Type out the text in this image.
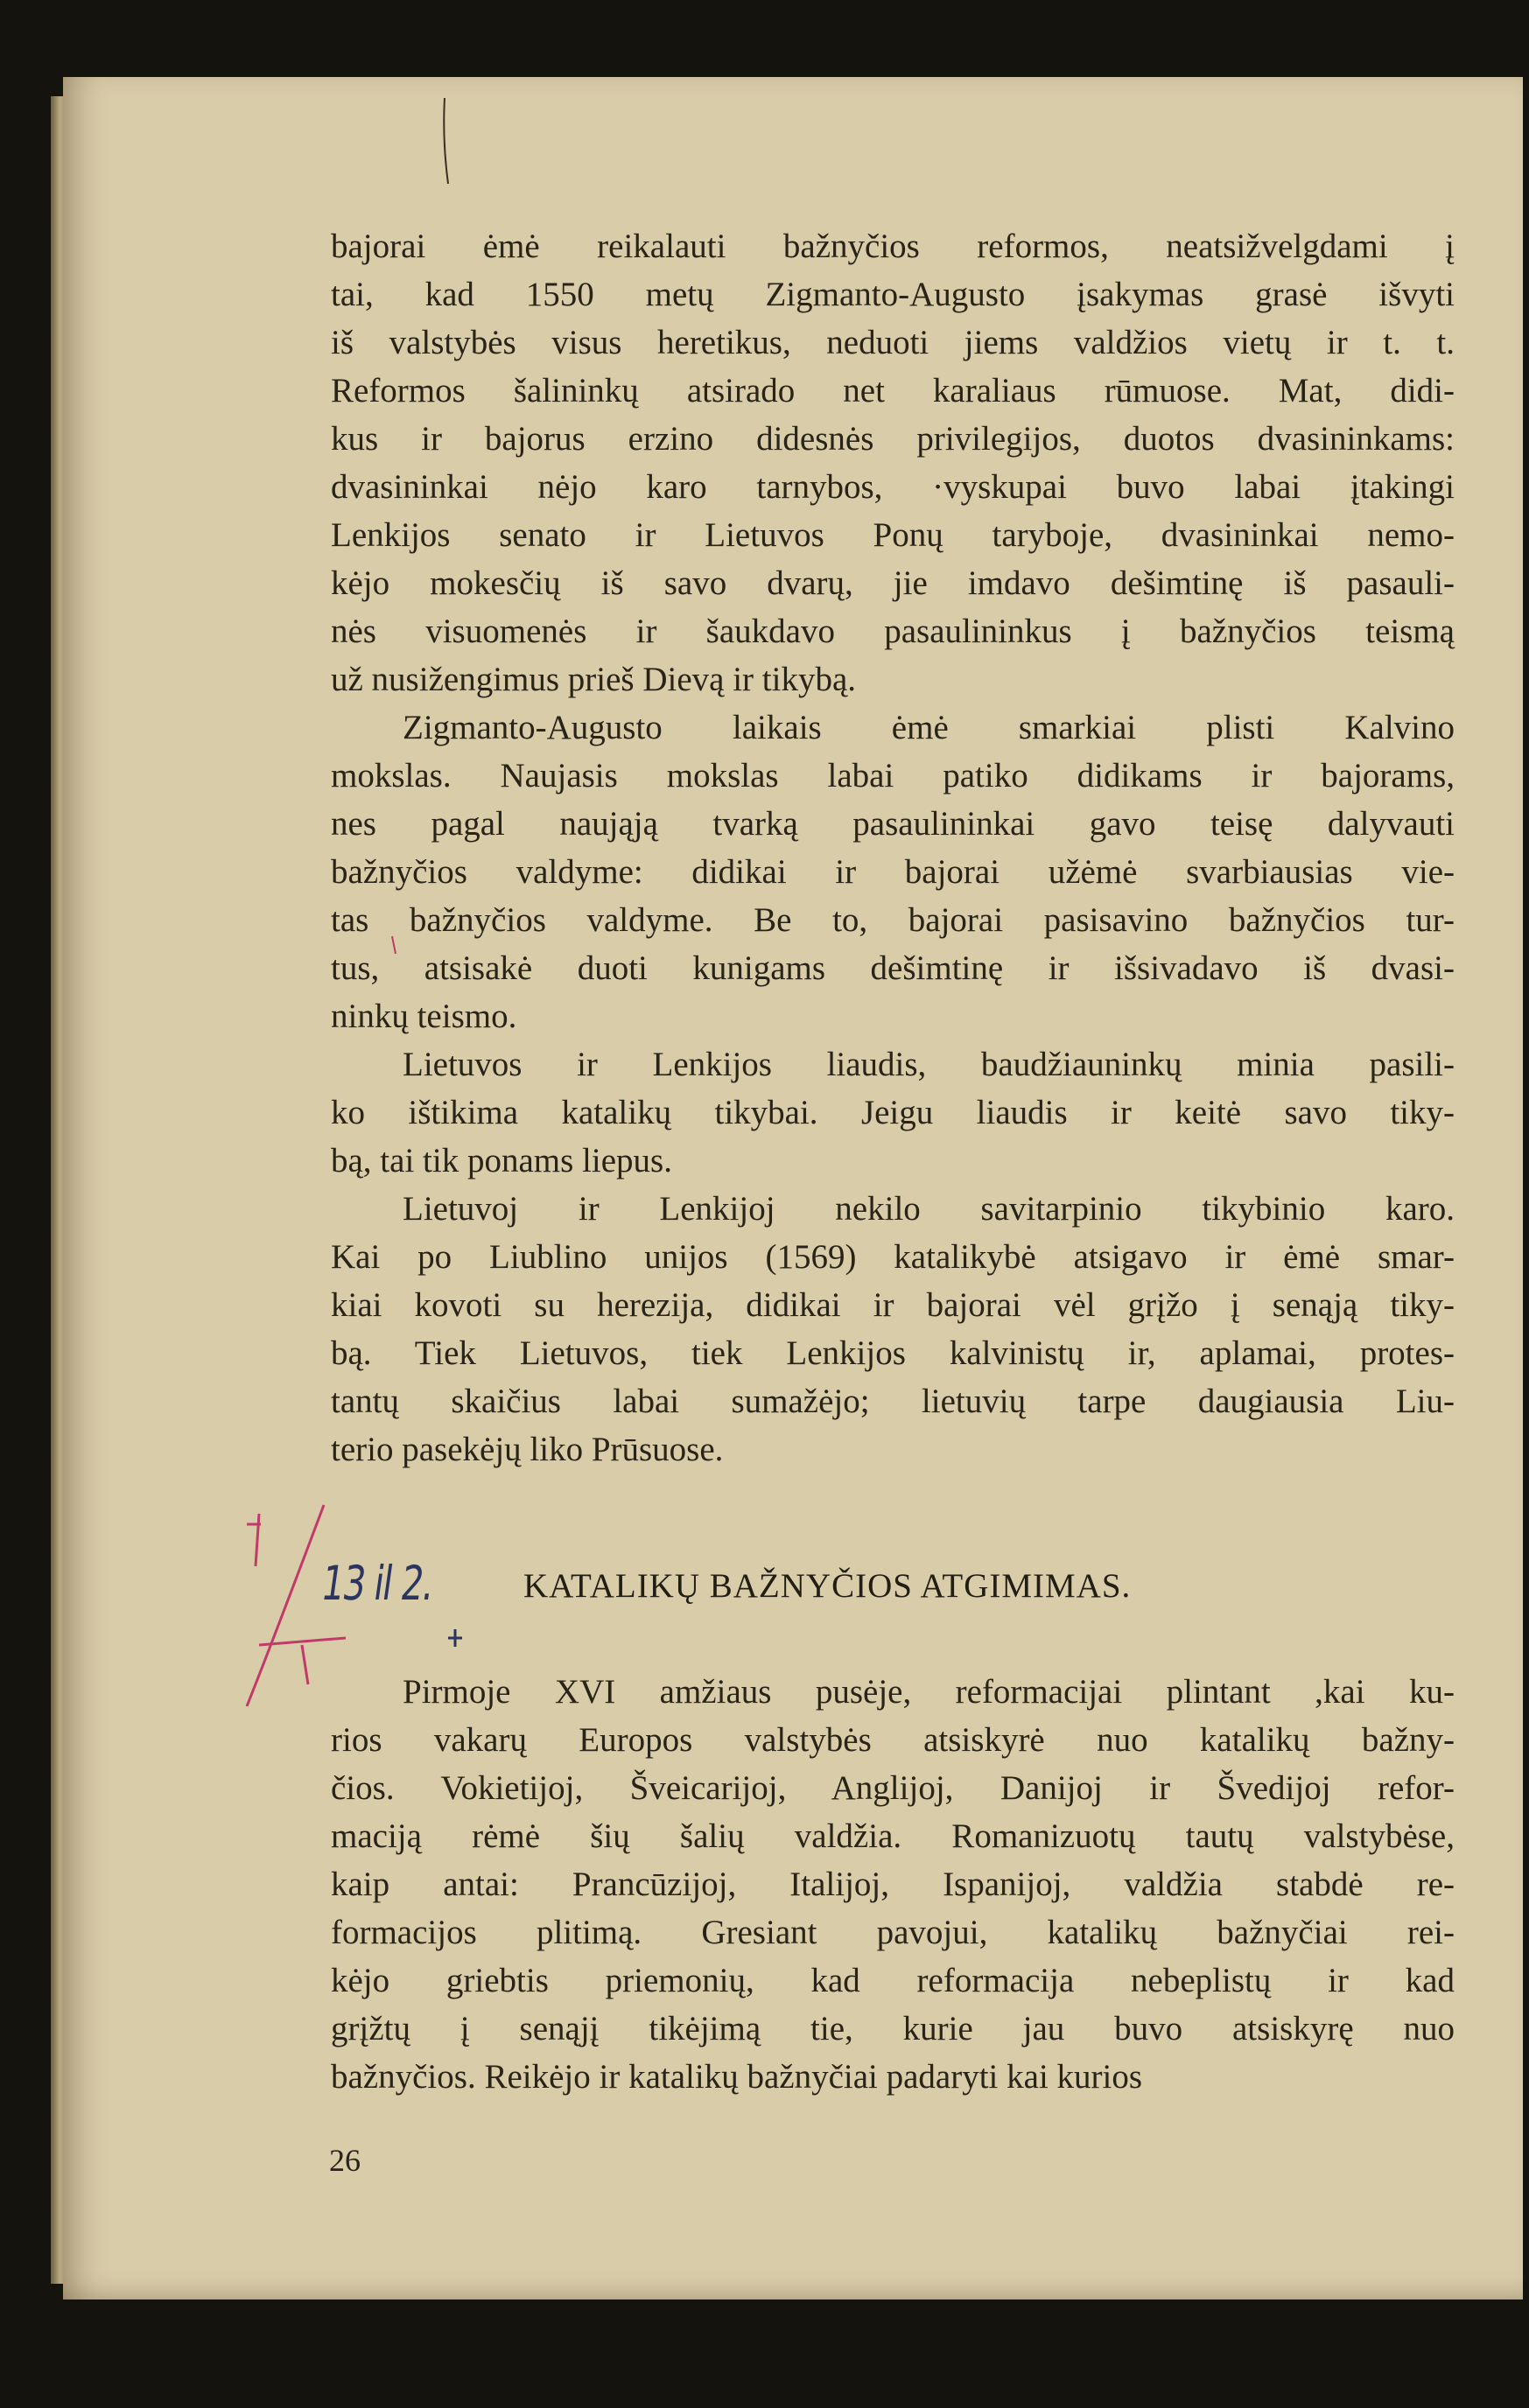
bajorai ėmė reikalauti bažnyčios reformos, neatsižvelgdami į
tai, kad 1550 metų Zigmanto-Augusto įsakymas grasė išvyti
iš valstybės visus heretikus, neduoti jiems valdžios vietų ir t. t.
Reformos šalininkų atsirado net karaliaus rūmuose. Mat, didi-
kus ir bajorus erzino didesnės privilegijos, duotos dvasininkams:
dvasininkai nėjo karo tarnybos, ·vyskupai buvo labai įtakingi
Lenkijos senato ir Lietuvos Ponų taryboje, dvasininkai nemo-
kėjo mokesčių iš savo dvarų, jie imdavo dešimtinę iš pasauli-
nės visuomenės ir šaukdavo pasaulininkus į bažnyčios teismą
už nusižengimus prieš Dievą ir tikybą.
Zigmanto-Augusto laikais ėmė smarkiai plisti Kalvino
mokslas. Naujasis mokslas labai patiko didikams ir bajorams,
nes pagal naująją tvarką pasaulininkai gavo teisę dalyvauti
bažnyčios valdyme: didikai ir bajorai užėmė svarbiausias vie-
tas bažnyčios valdyme. Be to, bajorai pasisavino bažnyčios tur-
tus, atsisakė duoti kunigams dešimtinę ir išsivadavo iš dvasi-
ninkų teismo.
Lietuvos ir Lenkijos liaudis, baudžiauninkų minia pasili-
ko ištikima katalikų tikybai. Jeigu liaudis ir keitė savo tiky-
bą, tai tik ponams liepus.
Lietuvoj ir Lenkijoj nekilo savitarpinio tikybinio karo.
Kai po Liublino unijos (1569) katalikybė atsigavo ir ėmė smar-
kiai kovoti su herezija, didikai ir bajorai vėl grįžo į senąją tiky-
bą. Tiek Lietuvos, tiek Lenkijos kalvinistų ir, aplamai, protes-
tantų skaičius labai sumažėjo; lietuvių tarpe daugiausia Liu-
terio pasekėjų liko Prūsuose.
13 il 2.	KATALIKŲ BAŽNYČIOS ATGIMIMAS.
Pirmoje XVI amžiaus pusėje, reformacijai plintant ,kai ku-
rios vakarų Europos valstybės atsiskyrė nuo katalikų bažny-
čios. Vokietijoj, Šveicarijoj, Anglijoj, Danijoj ir Švedijoj refor-
maciją rėmė šių šalių valdžia. Romanizuotų tautų valstybėse,
kaip antai: Prancūzijoj, Italijoj, Ispanijoj, valdžia stabdė re-
formacijos plitimą. Gresiant pavojui, katalikų bažnyčiai rei-
kėjo griebtis priemonių, kad reformacija nebeplistų ir kad
grįžtų į senąjį tikėjimą tie, kurie jau buvo atsiskyrę nuo
bažnyčios. Reikėjo ir katalikų bažnyčiai padaryti kai kurios
26
